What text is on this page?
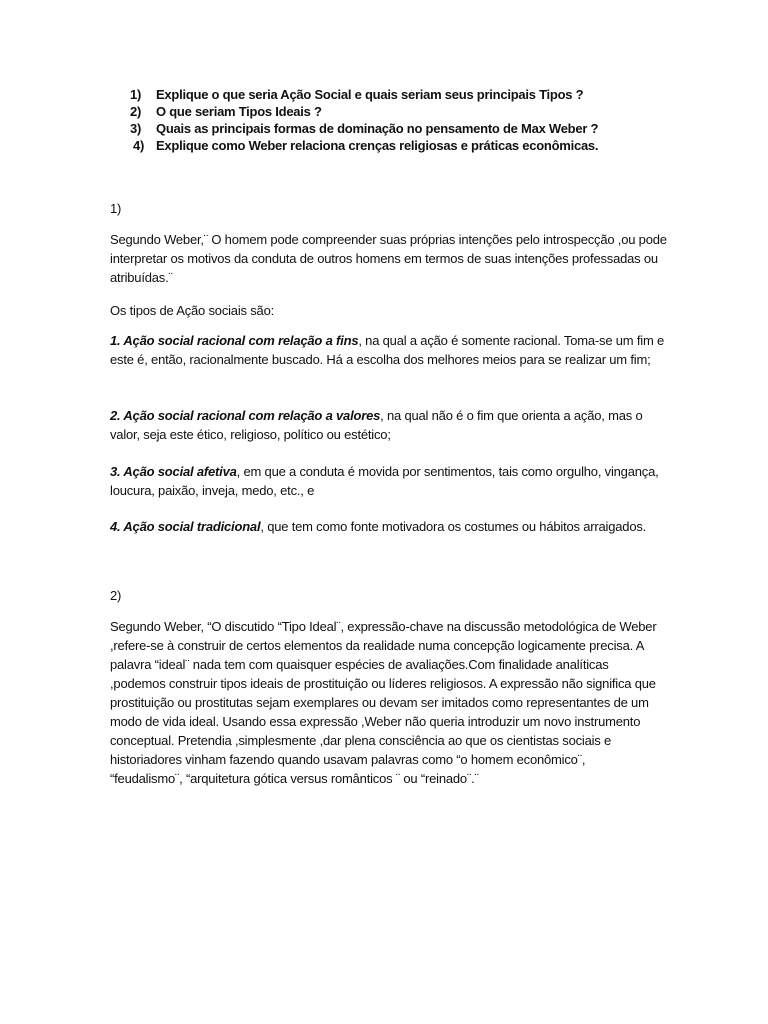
1)	Explique o que seria Ação Social e quais seriam seus principais Tipos ?
2)	O que seriam Tipos Ideais ?
3)	Quais as principais formas de dominação no pensamento de Max Weber ?
4) Explique como Weber relaciona crenças religiosas e práticas econômicas.

1)

Segundo Weber,¨ O homem pode compreender suas próprias intenções pelo introspecção ,ou pode interpretar os motivos da conduta de outros homens em termos de suas intenções professadas ou atribuídas.¨

Os tipos de Ação sociais são:

1. Ação social racional com relação a fins, na qual a ação é somente racional. Toma-se um fim e este é, então, racionalmente buscado. Há a escolha dos melhores meios para se realizar um fim;

2. Ação social racional com relação a valores, na qual não é o fim que orienta a ação, mas o valor, seja este ético, religioso, político ou estético;

3. Ação social afetiva, em que a conduta é movida por sentimentos, tais como orgulho, vingança, loucura, paixão, inveja, medo, etc., e

4. Ação social tradicional, que tem como fonte motivadora os costumes ou hábitos arraigados.

2)

Segundo Weber, “O discutido “Tipo Ideal¨, expressão-chave na discussão metodológica de Weber ,refere-se à construir de certos elementos da realidade numa concepção logicamente precisa. A palavra “ideal¨ nada tem com quaisquer espécies de avaliações.Com finalidade analíticas ,podemos construir tipos ideais de prostituição ou líderes religiosos. A expressão não significa que prostituição ou prostitutas sejam exemplares ou devam ser imitados como representantes de um modo de vida ideal. Usando essa expressão ,Weber não queria introduzir um novo instrumento conceptual. Pretendia ,simplesmente ,dar plena consciência ao que os cientistas sociais e historiadores vinham fazendo quando usavam palavras como “o homem econômico¨, “feudalismo¨, “arquitetura gótica versus românticos ¨ ou “reinado¨.¨
